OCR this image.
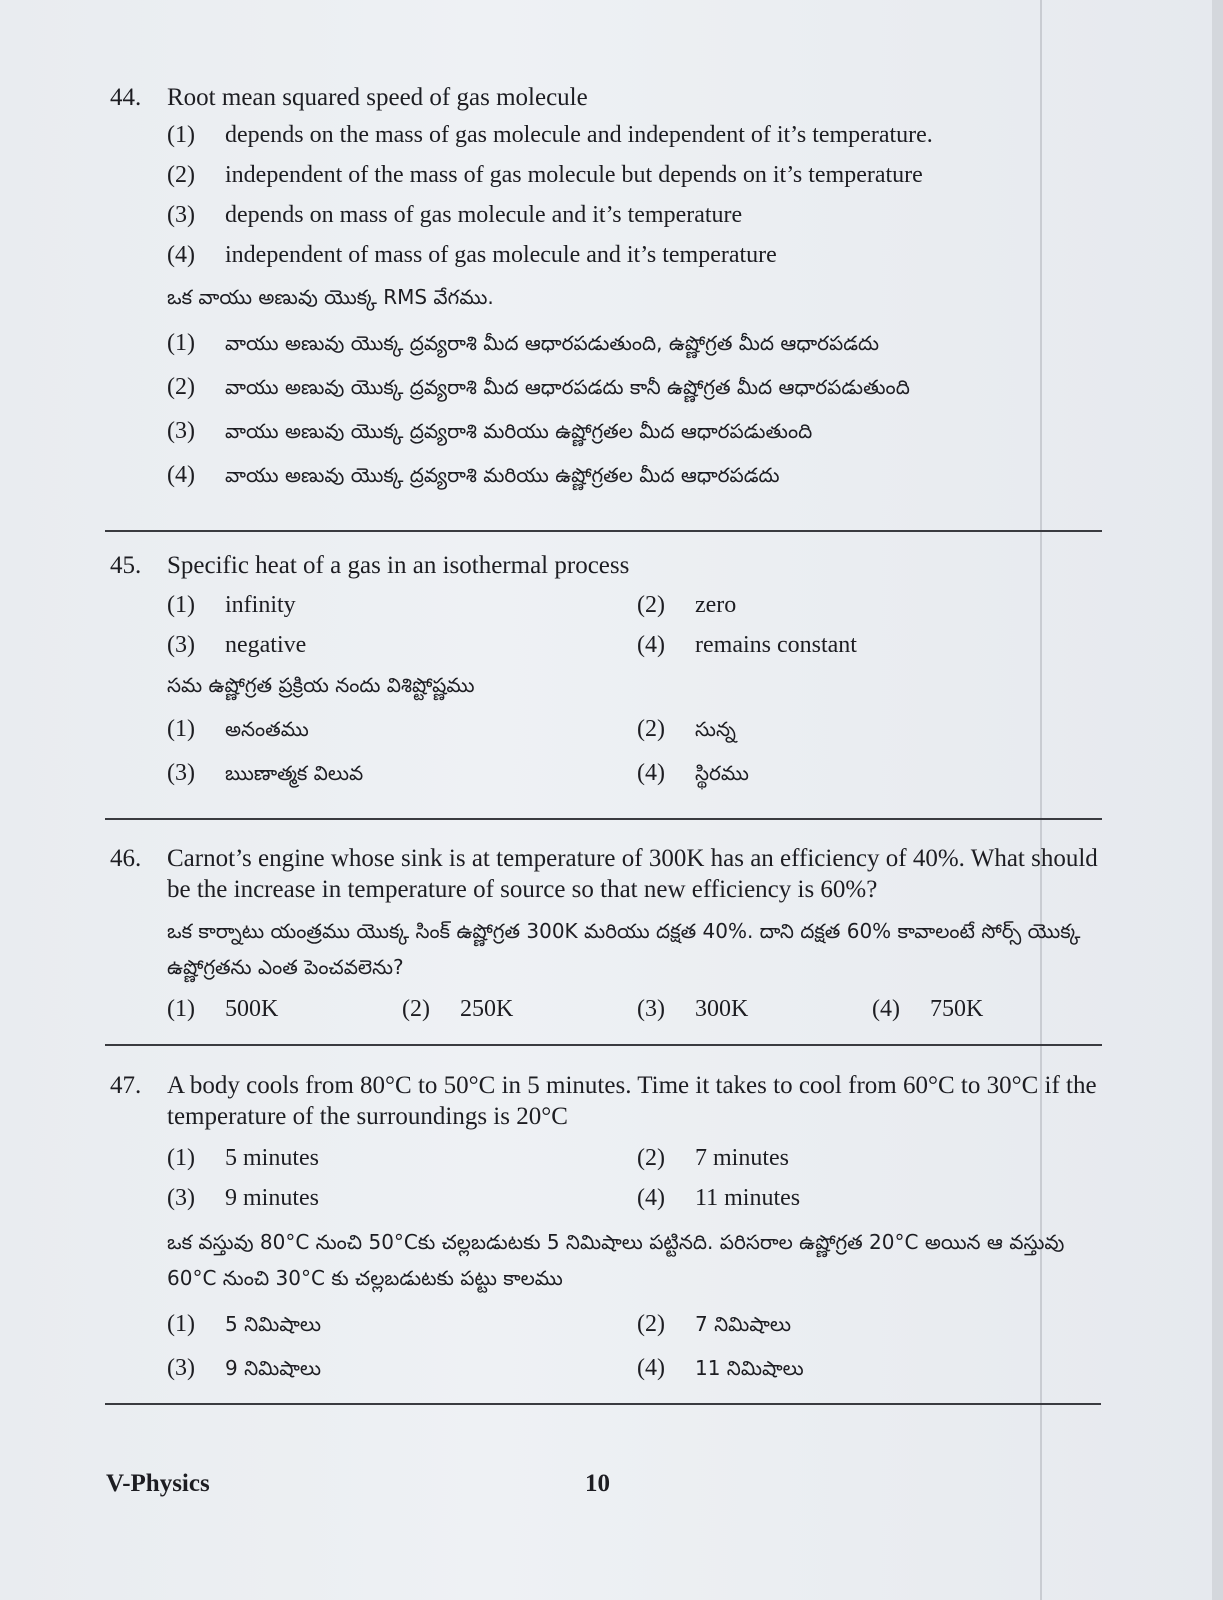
44.	Root mean squared speed of gas molecule
(1)	depends on the mass of gas molecule and independent of it’s temperature.
(2)	independent of the mass of gas molecule but depends on it’s temperature
(3)	depends on mass of gas molecule and it’s temperature
(4)	independent of mass of gas molecule and it’s temperature
ఒక వాయు అణువు యొక్క RMS వేగము.
(1)	వాయు అణువు యొక్క ద్రవ్యరాశి మీద ఆధారపడుతుంది, ఉష్ణోగ్రత మీద ఆధారపడదు
(2)	వాయు అణువు యొక్క ద్రవ్యరాశి మీద ఆధారపడదు కానీ ఉష్ణోగ్రత మీద ఆధారపడుతుంది
(3)	వాయు అణువు యొక్క ద్రవ్యరాశి మరియు ఉష్ణోగ్రతల మీద ఆధారపడుతుంది
(4)	వాయు అణువు యొక్క ద్రవ్యరాశి మరియు ఉష్ణోగ్రతల మీద ఆధారపడదు
45.	Specific heat of a gas in an isothermal process
(1)	infinity	(2)	zero
(3)	negative	(4)	remains constant
సమ ఉష్ణోగ్రత ప్రక్రియ నందు విశిష్టోష్ణము
(1)	అనంతము	(2)	సున్న
(3)	ఋణాత్మక విలువ	(4)	స్థిరము
46.	Carnot’s engine whose sink is at temperature of 300K has an efficiency of 40%. What should be the increase in temperature of source so that new efficiency is 60%?
ఒక కార్నాటు యంత్రము యొక్క సింక్ ఉష్ణోగ్రత 300K మరియు దక్షత 40%. దాని దక్షత 60% కావాలంటే సోర్స్ యొక్క ఉష్ణోగ్రతను ఎంత పెంచవలెను?
(1)	500K	(2)	250K	(3)	300K	(4)	750K
47.	A body cools from 80°C to 50°C in 5 minutes. Time it takes to cool from 60°C to 30°C if the temperature of the surroundings is 20°C
(1)	5 minutes	(2)	7 minutes
(3)	9 minutes	(4)	11 minutes
ఒక వస్తువు 80°C నుంచి 50°Cకు చల్లబడుటకు 5 నిమిషాలు పట్టినది. పరిసరాల ఉష్ణోగ్రత 20°C అయిన ఆ వస్తువు 60°C నుంచి 30°C కు చల్లబడుటకు పట్టు కాలము
(1)	5 నిమిషాలు	(2)	7 నిమిషాలు
(3)	9 నిమిషాలు	(4)	11 నిమిషాలు
V-Physics	10
